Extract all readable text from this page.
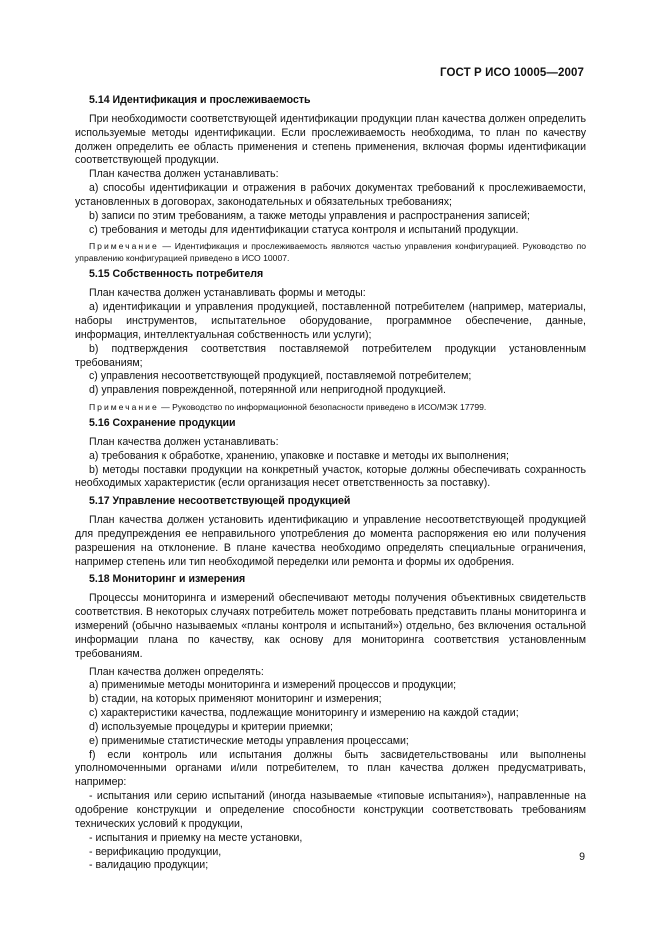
ГОСТ Р ИСО 10005—2007

5.14 Идентификация и прослеживаемость

При необходимости соответствующей идентификации продукции план качества должен определить используемые методы идентификации. Если прослеживаемость необходима, то план по качеству должен определить ее область применения и степень применения, включая формы идентификации соответствующей продукции.

План качества должен устанавливать:

a) способы идентификации и отражения в рабочих документах требований к прослеживаемости, установленных в договорах, законодательных и обязательных требованиях;

b) записи по этим требованиям, а также методы управления и распространения записей;

c) требования и методы для идентификации статуса контроля и испытаний продукции.

Примечание — Идентификация и прослеживаемость являются частью управления конфигурацией. Руководство по управлению конфигурацией приведено в ИСО 10007.

5.15 Собственность потребителя

План качества должен устанавливать формы и методы:

a) идентификации и управления продукцией, поставленной потребителем (например, материалы, наборы инструментов, испытательное оборудование, программное обеспечение, данные, информация, интеллектуальная собственность или услуги);

b) подтверждения соответствия поставляемой потребителем продукции установленным требованиям;

c) управления несоответствующей продукцией, поставляемой потребителем;

d) управления поврежденной, потерянной или непригодной продукцией.

Примечание — Руководство по информационной безопасности приведено в ИСО/МЭК 17799.

5.16 Сохранение продукции

План качества должен устанавливать:

a) требования к обработке, хранению, упаковке и поставке и методы их выполнения;

b) методы поставки продукции на конкретный участок, которые должны обеспечивать сохранность необходимых характеристик (если организация несет ответственность за поставку).

5.17 Управление несоответствующей продукцией

План качества должен установить идентификацию и управление несоответствующей продукцией для предупреждения ее неправильного употребления до момента распоряжения ею или получения разрешения на отклонение. В плане качества необходимо определять специальные ограничения, например степень или тип необходимой переделки или ремонта и формы их одобрения.

5.18 Мониторинг и измерения

Процессы мониторинга и измерений обеспечивают методы получения объективных свидетельств соответствия. В некоторых случаях потребитель может потребовать представить планы мониторинга и измерений (обычно называемых «планы контроля и испытаний») отдельно, без включения остальной информации плана по качеству, как основу для мониторинга соответствия установленным требованиям.

План качества должен определять:

a) применимые методы мониторинга и измерений процессов и продукции;

b) стадии, на которых применяют мониторинг и измерения;

c) характеристики качества, подлежащие мониторингу и измерению на каждой стадии;

d) используемые процедуры и критерии приемки;

e) применимые статистические методы управления процессами;

f) если контроль или испытания должны быть засвидетельствованы или выполнены уполномоченными органами и/или потребителем, то план качества должен предусматривать, например:

- испытания или серию испытаний (иногда называемые «типовые испытания»), направленные на одобрение конструкции и определение способности конструкции соответствовать требованиям технических условий к продукции,

- испытания и приемку на месте установки,

- верификацию продукции,

- валидацию продукции;

9
